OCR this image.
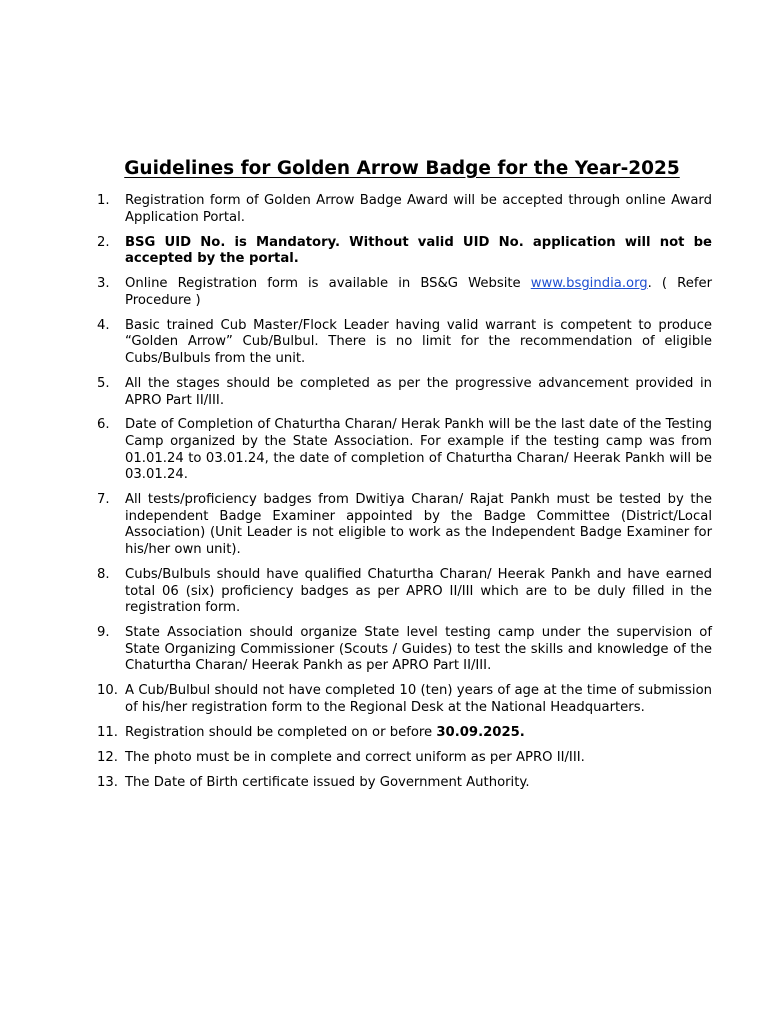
Guidelines for Golden Arrow Badge for the Year-2025
1. Registration form of Golden Arrow Badge Award will be accepted through online Award Application Portal.
2. BSG UID No. is Mandatory. Without valid UID No. application will not be accepted by the portal.
3. Online Registration form is available in BS&G Website www.bsgindia.org. ( Refer Procedure )
4. Basic trained Cub Master/Flock Leader having valid warrant is competent to produce “Golden Arrow” Cub/Bulbul. There is no limit for the recommendation of eligible Cubs/Bulbuls from the unit.
5. All the stages should be completed as per the progressive advancement provided in APRO Part II/III.
6. Date of Completion of Chaturtha Charan/ Herak Pankh will be the last date of the Testing Camp organized by the State Association. For example if the testing camp was from 01.01.24 to 03.01.24, the date of completion of Chaturtha Charan/ Heerak Pankh will be 03.01.24.
7. All tests/proficiency badges from Dwitiya Charan/ Rajat Pankh must be tested by the independent Badge Examiner appointed by the Badge Committee (District/Local Association) (Unit Leader is not eligible to work as the Independent Badge Examiner for his/her own unit).
8. Cubs/Bulbuls should have qualified Chaturtha Charan/ Heerak Pankh and have earned total 06 (six) proficiency badges as per APRO II/III which are to be duly filled in the registration form.
9. State Association should organize State level testing camp under the supervision of State Organizing Commissioner (Scouts / Guides) to test the skills and knowledge of the Chaturtha Charan/ Heerak Pankh as per APRO Part II/III.
10. A Cub/Bulbul should not have completed 10 (ten) years of age at the time of submission of his/her registration form to the Regional Desk at the National Headquarters.
11. Registration should be completed on or before 30.09.2025.
12. The photo must be in complete and correct uniform as per APRO II/III.
13. The Date of Birth certificate issued by Government Authority.
